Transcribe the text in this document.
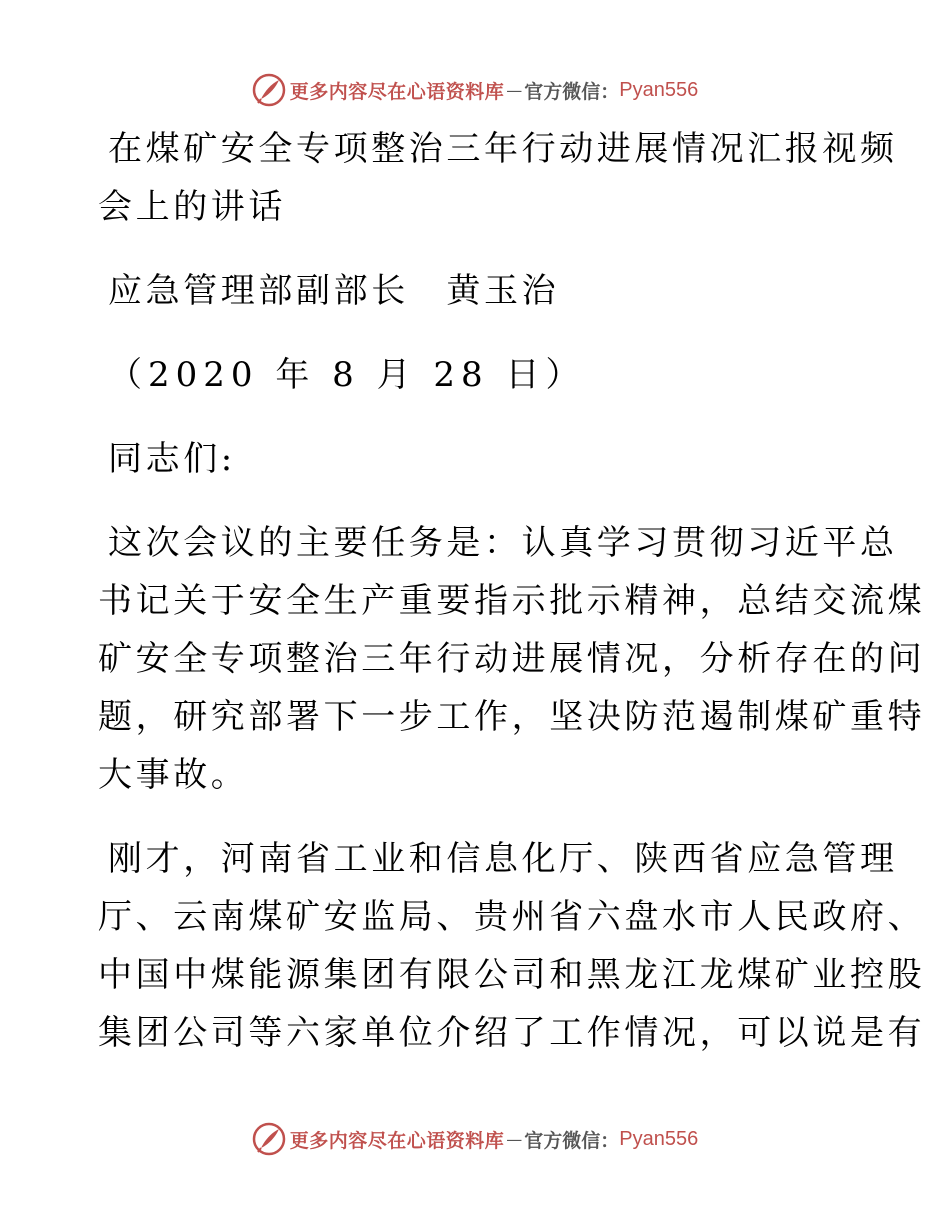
更多内容尽在心语资料库 — 官方微信： Pyan556
在煤矿安全专项整治三年行动进展情况汇报视频
会上的讲话
应急管理部副部长　黄玉治
（2020 年 8 月 28 日）
同志们:
这次会议的主要任务是：认真学习贯彻习近平总
书记关于安全生产重要指示批示精神，总结交流煤
矿安全专项整治三年行动进展情况，分析存在的问
题，研究部署下一步工作，坚决防范遏制煤矿重特
大事故。
刚才，河南省工业和信息化厅、陕西省应急管理
厅、云南煤矿安监局、贵州省六盘水市人民政府、
中国中煤能源集团有限公司和黑龙江龙煤矿业控股
集团公司等六家单位介绍了工作情况，可以说是有
更多内容尽在心语资料库 — 官方微信： Pyan556
